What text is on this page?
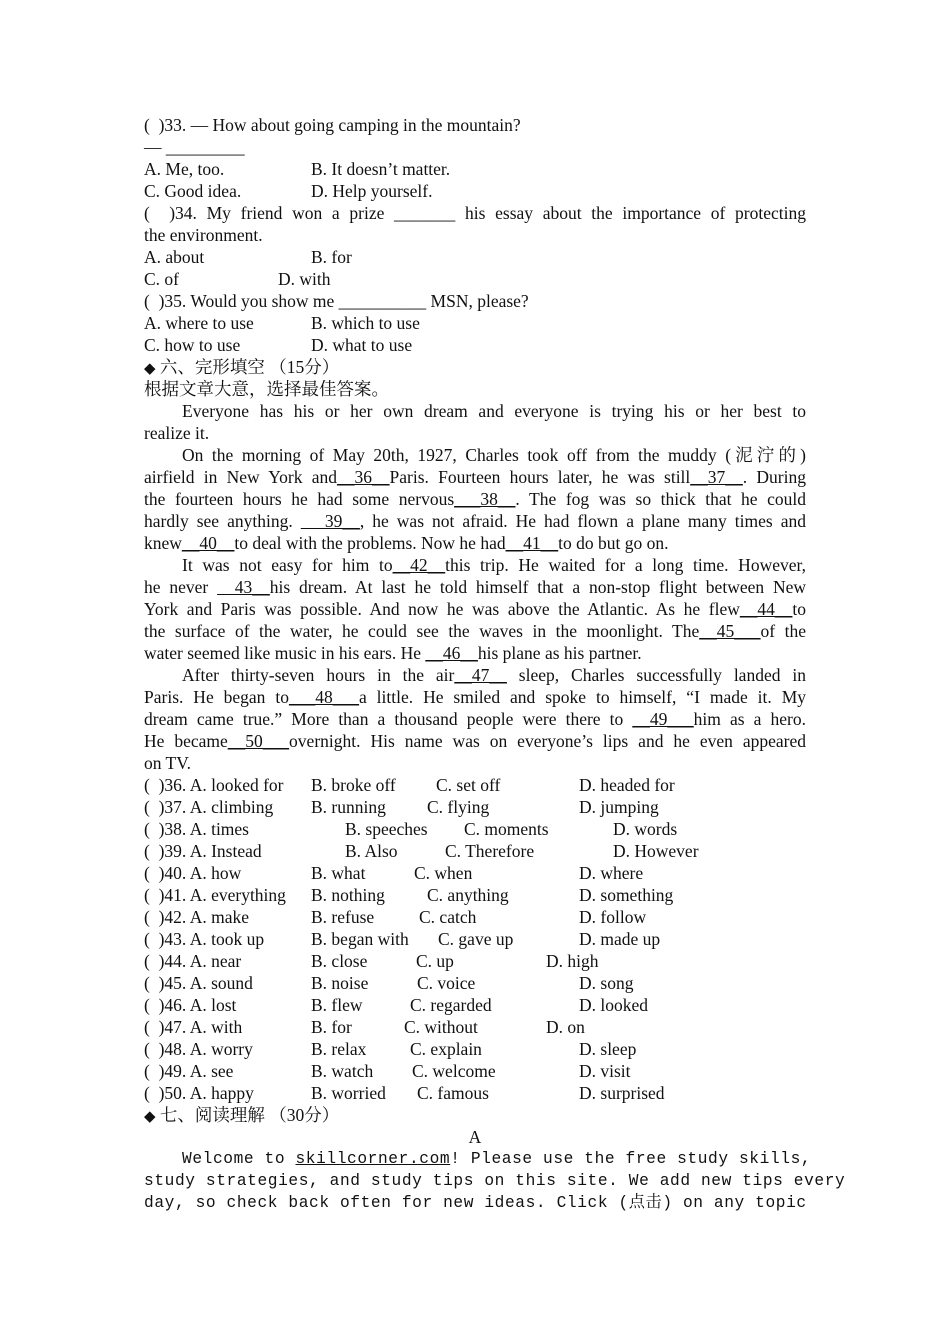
(  )33. — How about going camping in the mountain?
— _________
A. Me, too.	B. It doesn’t matter.
C. Good idea.	D. Help yourself.
(  )34. My friend won a prize _______ his essay about the importance of protecting
the environment.
A. about	B. for
C. of	D. with
(  )35. Would you show me __________ MSN, please?
A. where to use	B. which to use
C. how to use	D. what to use
◆ 六、完形填空 （15分）
根据文章大意，选择最佳答案。
Everyone has his or her own dream and everyone is trying his or her best to
realize it.
On the morning of May 20th, 1927, Charles took off from the muddy (泥泞的)
airfield in New York and__36__Paris. Fourteen hours later, he was still__37__. During
the fourteen hours he had some nervous___38__. The fog was so thick that he could
hardly see anything.    39__, he was not afraid. He had flown a plane many times and
knew__40__to deal with the problems. Now he had__41__to do but go on.
It was not easy for him to__42__this trip. He waited for a long time. However,
he never   43__his dream. At last he told himself that a non-stop flight between New
York and Paris was possible. And now he was above the Atlantic. As he flew__44__to
the surface of the water, he could see the waves in the moonlight. The__45___of the
water seemed like music in his ears. He __46__his plane as his partner.
After thirty-seven hours in the air__47__ sleep, Charles successfully landed in
Paris. He began to___48___a little. He smiled and spoke to himself, “I made it. My
dream came true.” More than a thousand people were there to __49___him as a hero.
He became__50___overnight. His name was on everyone’s lips and he even appeared
on TV.
(  )36. A. looked for B. broke off C. set off	D. headed for
(  )37. A. climbing B. running C. flying	D. jumping
(  )38. A. times	B. speeches C. moments	D. words
(  )39. A. Instead	B. Also	C. Therefore	D. However
(  )40. A. how	B. what	C. when	D. where
(  )41. A. everything B. nothing C. anything	D. something
(  )42. A. make	B. refuse	C. catch	D. follow
(  )43. A. took up	B. began with C. gave up	D. made up
(  )44. A. near	B. close	C. up	D. high
(  )45. A. sound	B. noise	C. voice	D. song
(  )46. A. lost	B. flew	C. regarded	D. looked
(  )47. A. with	B. for	C. without	D. on
(  )48. A. worry	B. relax C. explain	D. sleep
(  )49. A. see	B. watch C. welcome	D. visit
(  )50. A. happy	B. worried C. famous	D. surprised
◆ 七、阅读理解 （30分）
A
Welcome to skillcorner.com! Please use the free study skills,
study strategies, and study tips on this site. We add new tips every
day, so check back often for new ideas. Click (点击) on any topic
